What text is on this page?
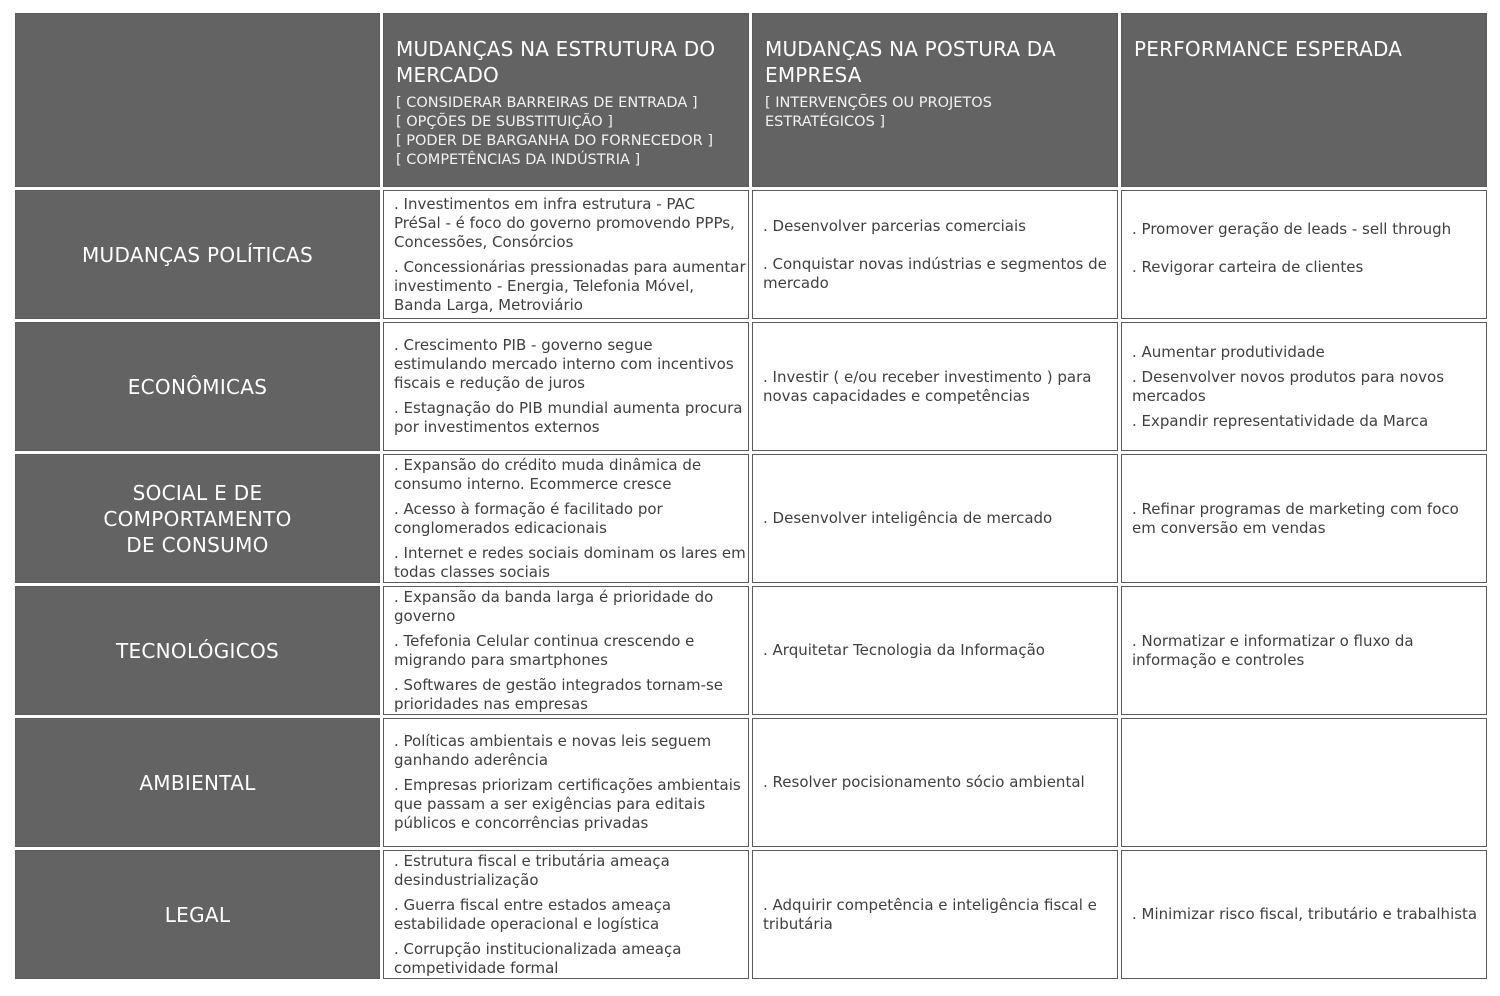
MUDANÇAS NA ESTRUTURA DO MERCADO
[ CONSIDERAR BARREIRAS DE ENTRADA ]
[ OPÇÕES DE SUBSTITUIÇÃO ]
[ PODER DE BARGANHA DO FORNECEDOR ]
[ COMPETÊNCIAS DA INDÚSTRIA ]
MUDANÇAS NA POSTURA DA EMPRESA
[ INTERVENÇÕES OU PROJETOS ESTRATÉGICOS ]
PERFORMANCE ESPERADA
MUDANÇAS POLÍTICAS
. Investimentos em infra estrutura - PAC PréSal - é foco do governo promovendo PPPs, Concessões, Consórcios
. Concessionárias pressionadas para aumentar investimento - Energia, Telefonia Móvel, Banda Larga, Metroviário
. Desenvolver parcerias comerciais
. Conquistar novas indústrias e segmentos de mercado
. Promover geração de leads - sell through
. Revigorar carteira de clientes
ECONÔMICAS
. Crescimento PIB - governo segue estimulando mercado interno com incentivos fiscais e redução de juros
. Estagnação do PIB mundial aumenta procura por investimentos externos
. Investir ( e/ou receber investimento ) para novas capacidades e competências
. Aumentar produtividade
. Desenvolver novos produtos para novos mercados
. Expandir representatividade da Marca
SOCIAL E DE COMPORTAMENTO DE CONSUMO
. Expansão do crédito muda dinâmica de consumo interno. Ecommerce cresce
. Acesso à formação é facilitado por conglomerados edicacionais
. Internet e redes sociais dominam os lares em todas classes sociais
. Desenvolver inteligência de mercado
. Refinar programas de marketing com foco em conversão em vendas
TECNOLÓGICOS
. Expansão da banda larga é prioridade do governo
. Tefefonia Celular continua crescendo e migrando para smartphones
. Softwares de gestão integrados tornam-se prioridades nas empresas
. Arquitetar Tecnologia da Informação
. Normatizar e informatizar o fluxo da informação e controles
AMBIENTAL
. Políticas ambientais e novas leis seguem ganhando aderência
. Empresas priorizam certificações ambientais que passam a ser exigências para editais públicos e concorrências privadas
. Resolver pocisionamento sócio ambiental
LEGAL
. Estrutura fiscal e tributária ameaça desindustrialização
. Guerra fiscal entre estados ameaça estabilidade operacional e logística
. Corrupção institucionalizada ameaça competividade formal
. Adquirir competência e inteligência fiscal e tributária
. Minimizar risco fiscal, tributário e trabalhista
